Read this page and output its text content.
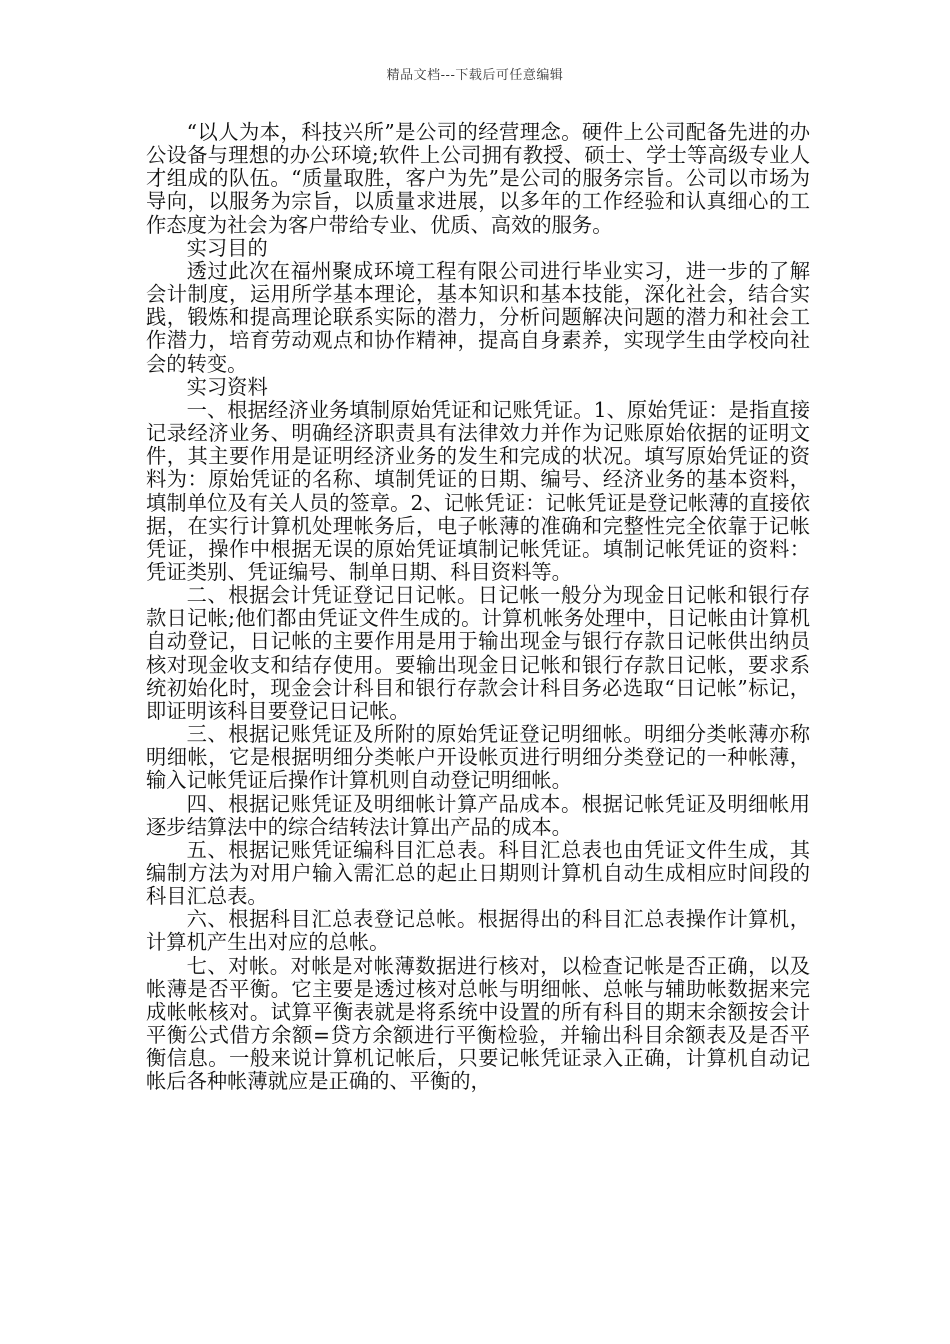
精品文档---下载后可任意编辑

“以人为本，科技兴所”是公司的经营理念。硬件上公司配备先进的办公设备与理想的办公环境;软件上公司拥有教授、硕士、学士等高级专业人才组成的队伍。“质量取胜，客户为先”是公司的服务宗旨。公司以市场为导向，以服务为宗旨，以质量求进展，以多年的工作经验和认真细心的工作态度为社会为客户带给专业、优质、高效的服务。

实习目的

透过此次在福州聚成环境工程有限公司进行毕业实习，进一步的了解会计制度，运用所学基本理论，基本知识和基本技能，深化社会，结合实践，锻炼和提高理论联系实际的潜力，分析问题解决问题的潜力和社会工作潜力，培育劳动观点和协作精神，提高自身素养，实现学生由学校向社会的转变。

实习资料

一、根据经济业务填制原始凭证和记账凭证。1、原始凭证：是指直接记录经济业务、明确经济职责具有法律效力并作为记账原始依据的证明文件，其主要作用是证明经济业务的发生和完成的状况。填写原始凭证的资料为：原始凭证的名称、填制凭证的日期、编号、经济业务的基本资料，填制单位及有关人员的签章。2、记帐凭证：记帐凭证是登记帐薄的直接依据，在实行计算机处理帐务后，电子帐薄的准确和完整性完全依靠于记帐凭证，操作中根据无误的原始凭证填制记帐凭证。填制记帐凭证的资料：凭证类别、凭证编号、制单日期、科目资料等。

二、根据会计凭证登记日记帐。日记帐一般分为现金日记帐和银行存款日记帐;他们都由凭证文件生成的。计算机帐务处理中，日记帐由计算机自动登记，日记帐的主要作用是用于输出现金与银行存款日记帐供出纳员核对现金收支和结存使用。要输出现金日记帐和银行存款日记帐，要求系统初始化时，现金会计科目和银行存款会计科目务必选取“日记帐”标记，即证明该科目要登记日记帐。

三、根据记账凭证及所附的原始凭证登记明细帐。明细分类帐薄亦称明细帐，它是根据明细分类帐户开设帐页进行明细分类登记的一种帐薄，输入记帐凭证后操作计算机则自动登记明细帐。

四、根据记账凭证及明细帐计算产品成本。根据记帐凭证及明细帐用逐步结算法中的综合结转法计算出产品的成本。

五、根据记账凭证编科目汇总表。科目汇总表也由凭证文件生成，其编制方法为对用户输入需汇总的起止日期则计算机自动生成相应时间段的科目汇总表。

六、根据科目汇总表登记总帐。根据得出的科目汇总表操作计算机，计算机产生出对应的总帐。

七、对帐。对帐是对帐薄数据进行核对，以检查记帐是否正确，以及帐薄是否平衡。它主要是透过核对总帐与明细帐、总帐与辅助帐数据来完成帐帐核对。试算平衡表就是将系统中设置的所有科目的期末余额按会计平衡公式借方余额=贷方余额进行平衡检验，并输出科目余额表及是否平衡信息。一般来说计算机记帐后，只要记帐凭证录入正确，计算机自动记帐后各种帐薄就应是正确的、平衡的，
